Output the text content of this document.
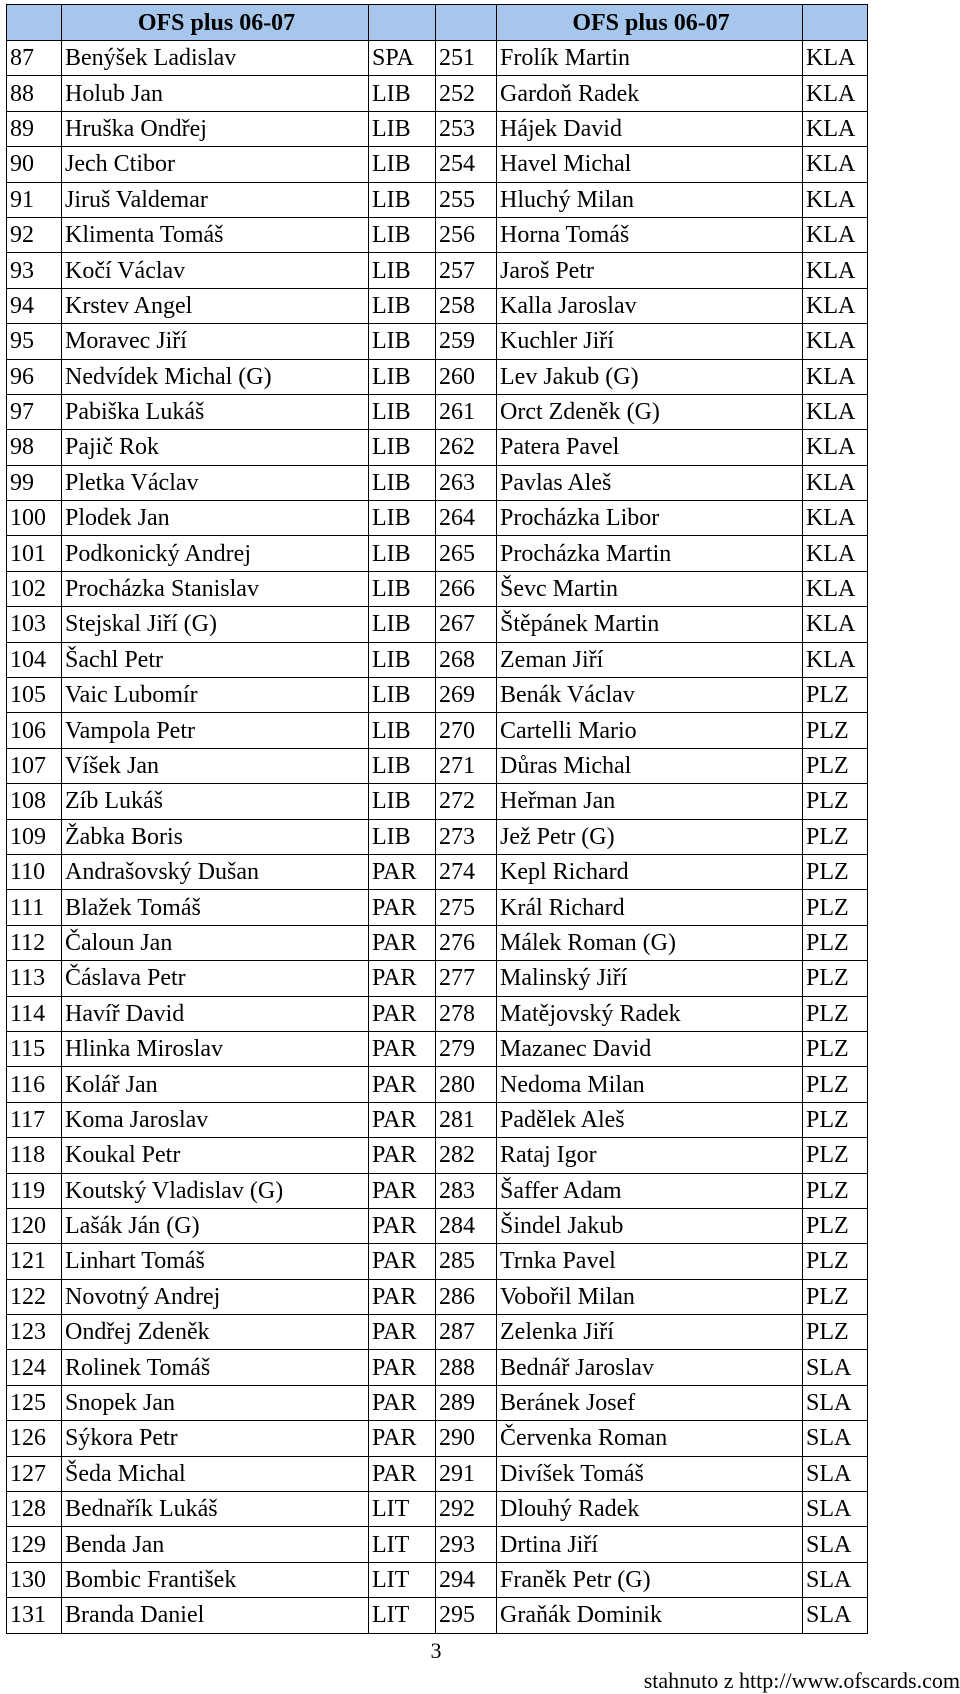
	OFS plus 06-07			OFS plus 06-07	
87	Benýšek Ladislav	SPA	251	Frolík Martin	KLA
88	Holub Jan	LIB	252	Gardoň Radek	KLA
89	Hruška Ondřej	LIB	253	Hájek David	KLA
90	Jech Ctibor	LIB	254	Havel Michal	KLA
91	Jiruš Valdemar	LIB	255	Hluchý Milan	KLA
92	Klimenta Tomáš	LIB	256	Horna Tomáš	KLA
93	Kočí Václav	LIB	257	Jaroš Petr	KLA
94	Krstev Angel	LIB	258	Kalla Jaroslav	KLA
95	Moravec Jiří	LIB	259	Kuchler Jiří	KLA
96	Nedvídek Michal (G)	LIB	260	Lev Jakub (G)	KLA
97	Pabiška Lukáš	LIB	261	Orct Zdeněk (G)	KLA
98	Pajič Rok	LIB	262	Patera Pavel	KLA
99	Pletka Václav	LIB	263	Pavlas Aleš	KLA
100	Plodek Jan	LIB	264	Procházka Libor	KLA
101	Podkonický Andrej	LIB	265	Procházka Martin	KLA
102	Procházka Stanislav	LIB	266	Ševc Martin	KLA
103	Stejskal Jiří (G)	LIB	267	Štěpánek Martin	KLA
104	Šachl Petr	LIB	268	Zeman Jiří	KLA
105	Vaic Lubomír	LIB	269	Benák Václav	PLZ
106	Vampola Petr	LIB	270	Cartelli Mario	PLZ
107	Víšek Jan	LIB	271	Důras Michal	PLZ
108	Zíb Lukáš	LIB	272	Heřman Jan	PLZ
109	Žabka Boris	LIB	273	Jež Petr (G)	PLZ
110	Andrašovský Dušan	PAR	274	Kepl Richard	PLZ
111	Blažek Tomáš	PAR	275	Král Richard	PLZ
112	Čaloun Jan	PAR	276	Málek Roman (G)	PLZ
113	Čáslava Petr	PAR	277	Malinský Jiří	PLZ
114	Havíř David	PAR	278	Matějovský Radek	PLZ
115	Hlinka Miroslav	PAR	279	Mazanec David	PLZ
116	Kolář Jan	PAR	280	Nedoma Milan	PLZ
117	Koma Jaroslav	PAR	281	Padělek Aleš	PLZ
118	Koukal Petr	PAR	282	Rataj Igor	PLZ
119	Koutský Vladislav (G)	PAR	283	Šaffer Adam	PLZ
120	Lašák Ján (G)	PAR	284	Šindel Jakub	PLZ
121	Linhart Tomáš	PAR	285	Trnka Pavel	PLZ
122	Novotný Andrej	PAR	286	Vobořil Milan	PLZ
123	Ondřej Zdeněk	PAR	287	Zelenka Jiří	PLZ
124	Rolinek Tomáš	PAR	288	Bednář Jaroslav	SLA
125	Snopek Jan	PAR	289	Beránek Josef	SLA
126	Sýkora Petr	PAR	290	Červenka Roman	SLA
127	Šeda Michal	PAR	291	Divíšek Tomáš	SLA
128	Bednařík Lukáš	LIT	292	Dlouhý Radek	SLA
129	Benda Jan	LIT	293	Drtina Jiří	SLA
130	Bombic František	LIT	294	Franěk Petr (G)	SLA
131	Branda Daniel	LIT	295	Graňák Dominik	SLA
3
stahnuto z http://www.ofscards.com
